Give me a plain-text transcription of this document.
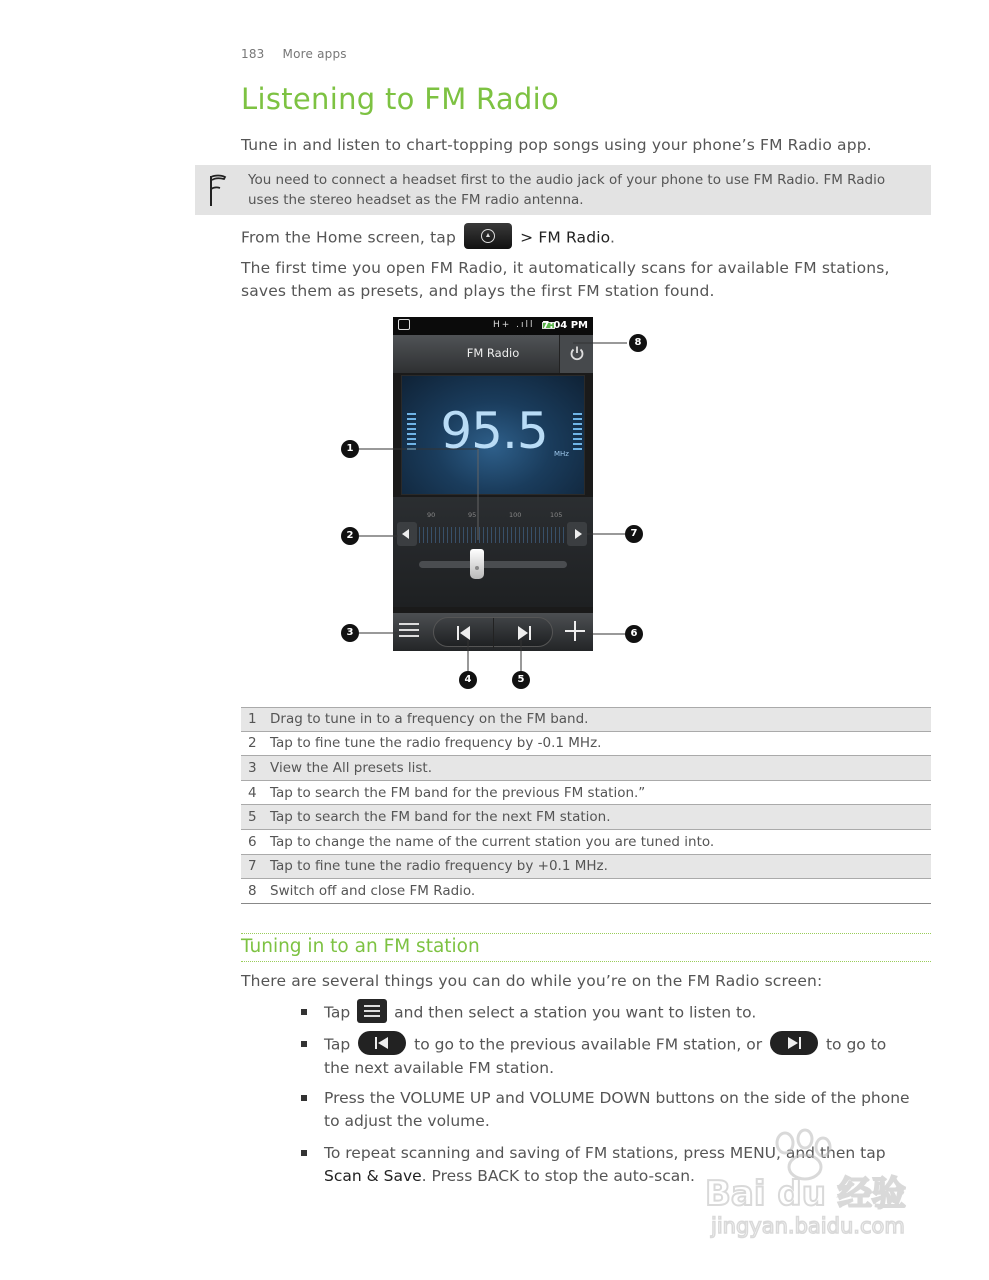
183 More apps
Listening to FM Radio

Tune in and listen to chart-topping pop songs using your phone’s FM Radio app.

You need to connect a headset first to the audio jack of your phone to use FM Radio. FM Radio uses the stereo headset as the FM radio antenna.

From the Home screen, tap	> FM Radio.

The first time you open FM Radio, it automatically scans for available FM stations, saves them as presets, and plays the first FM station found.

H+ .ıll 7:04 PM
FM Radio
95.5 MHz
90	95	100	105
1
2
3
4	5
6
7
8
1 Drag to tune in to a frequency on the FM band.
2 Tap to fine tune the radio frequency by -0.1 MHz.
3 View the All presets list.
4 Tap to search the FM band for the previous FM station.”
5 Tap to search the FM band for the next FM station.
6 Tap to change the name of the current station you are tuned into.
7 Tap to fine tune the radio frequency by +0.1 MHz.
8 Switch off and close FM Radio.
Tuning in to an FM station

There are several things you can do while you’re on the FM Radio screen:

Tap	and then select a station you want to listen to.
Tap	to go to the previous available FM station, or	to go to the next available FM station.
Press the VOLUME UP and VOLUME DOWN buttons on the side of the phone to adjust the volume.
To repeat scanning and saving of FM stations, press MENU, and then tap Scan & Save. Press BACK to stop the auto-scan. Bai du 经验
jingyan.baidu.com
